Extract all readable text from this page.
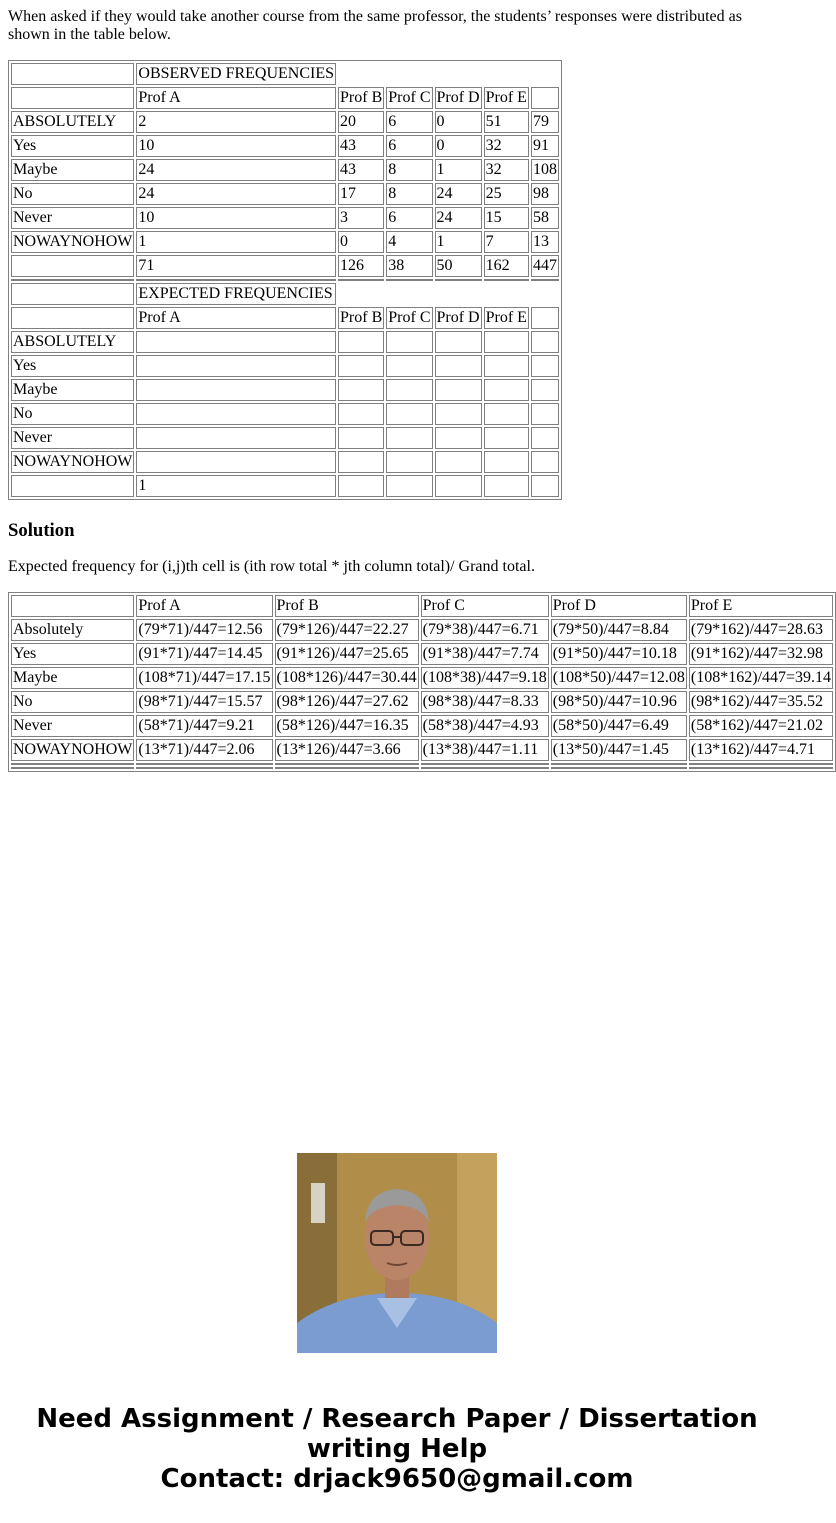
When asked if they would take another course from the same professor, the students’ responses were distributed as shown in the table below.

	OBSERVED FREQUENCIES					
	Prof A	Prof B	Prof C	Prof D	Prof E	
ABSOLUTELY	2	20	6	0	51	79
Yes	10	43	6	0	32	91
Maybe	24	43	8	1	32	108
No	24	17	8	24	25	98
Never	10	3	6	24	15	58
NOWAYNOHOW	1	0	4	1	7	13
	71	126	38	50	162	447

	EXPECTED FREQUENCIES					
	Prof A	Prof B	Prof C	Prof D	Prof E	
ABSOLUTELY						
Yes						
Maybe						
No						
Never						
NOWAYNOHOW						
	1					
Solution

Expected frequency for (i,j)th cell is (ith row total * jth column total)/ Grand total.

	Prof A	Prof B	Prof C	Prof D	Prof E
Absolutely	(79*71)/447=12.56	(79*126)/447=22.27	(79*38)/447=6.71	(79*50)/447=8.84	(79*162)/447=28.63
Yes	(91*71)/447=14.45	(91*126)/447=25.65	(91*38)/447=7.74	(91*50)/447=10.18	(91*162)/447=32.98
Maybe	(108*71)/447=17.15	(108*126)/447=30.44	(108*38)/447=9.18	(108*50)/447=12.08	(108*162)/447=39.14
No	(98*71)/447=15.57	(98*126)/447=27.62	(98*38)/447=8.33	(98*50)/447=10.96	(98*162)/447=35.52
Never	(58*71)/447=9.21	(58*126)/447=16.35	(58*38)/447=4.93	(58*50)/447=6.49	(58*162)/447=21.02
NOWAYNOHOW	(13*71)/447=2.06	(13*126)/447=3.66	(13*38)/447=1.11	(13*50)/447=1.45	(13*162)/447=4.71

Need Assignment / Research Paper / Dissertation
writing Help
Contact: drjack9650@gmail.com
